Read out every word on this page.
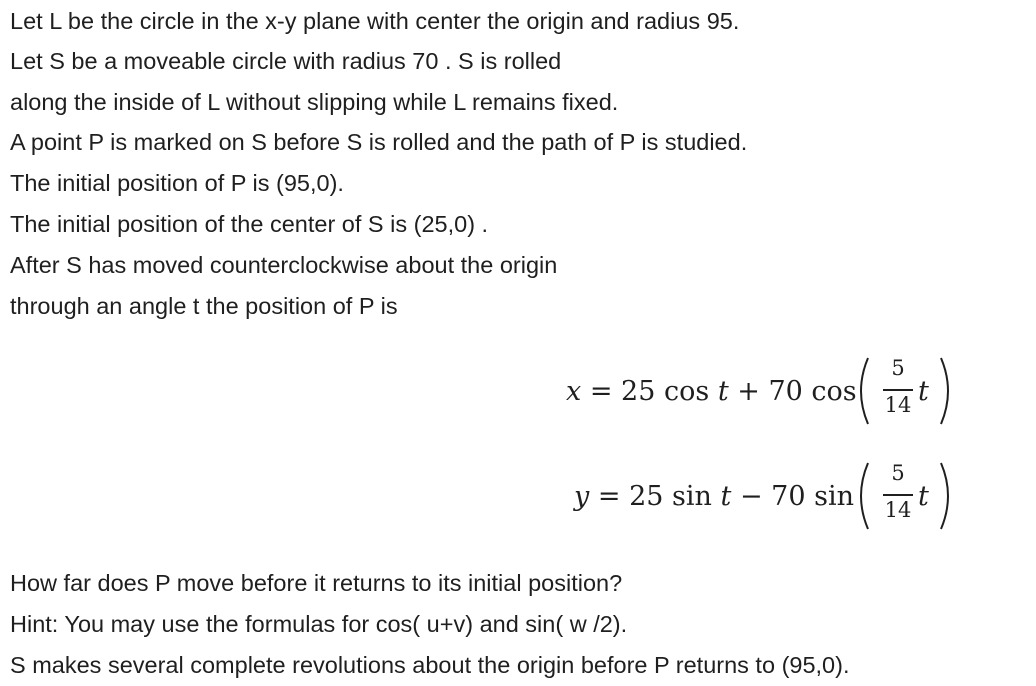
Let L be the circle in the x-y plane with center the origin and radius 95.
Let S be a moveable circle with radius 70 . S is rolled
along the inside of L without slipping while L remains fixed.
A point P is marked on S before S is rolled and the path of P is studied.
The initial position of P is (95,0).
The initial position of the center of S is (25,0) .
After S has moved counterclockwise about the origin
through an angle t the position of P is
x = 25 cos t + 70 cos
5
14 t
y = 25 sin t − 70 sin
5
14 t
How far does P move before it returns to its initial position?
Hint: You may use the formulas for cos( u+v) and sin( w /2).
S makes several complete revolutions about the origin before P returns to (95,0).
